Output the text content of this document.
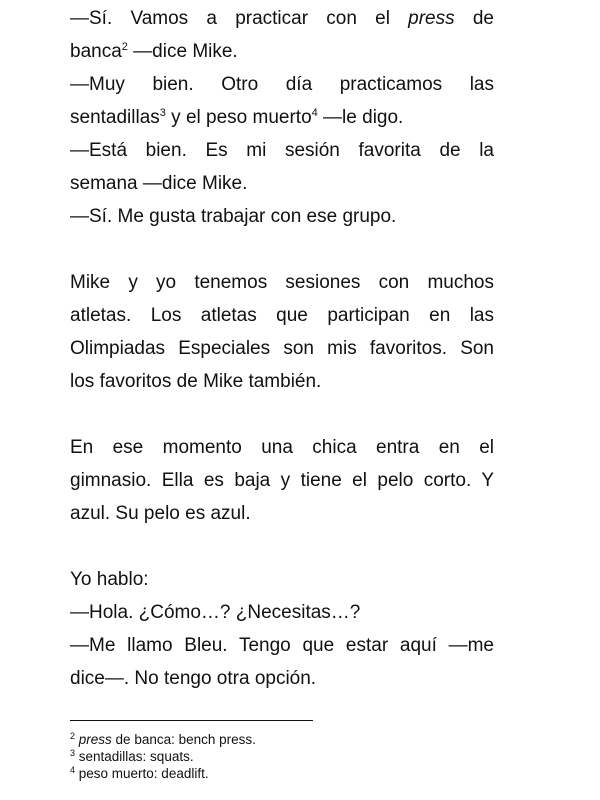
—Sí. Vamos a practicar con el press de
banca$^2$ —dice Mike.
—Muy bien. Otro día practicamos las
sentadillas$^3$ y el peso muerto$^4$ —le digo.
—Está bien. Es mi sesión favorita de la
semana —dice Mike.
—Sí. Me gusta trabajar con ese grupo.
Mike y yo tenemos sesiones con muchos
atletas. Los atletas que participan en las
Olimpiadas Especiales son mis favoritos. Son
los favoritos de Mike también.
En ese momento una chica entra en el
gimnasio. Ella es baja y tiene el pelo corto. Y
azul. Su pelo es azul.
Yo hablo:
—Hola. ¿Cómo…? ¿Necesitas…?
—Me llamo Bleu. Tengo que estar aquí —me
dice—. No tengo otra opción.
$^2$ press de banca: bench press.
$^3$ sentadillas: squats.
$^4$ peso muerto: deadlift.
